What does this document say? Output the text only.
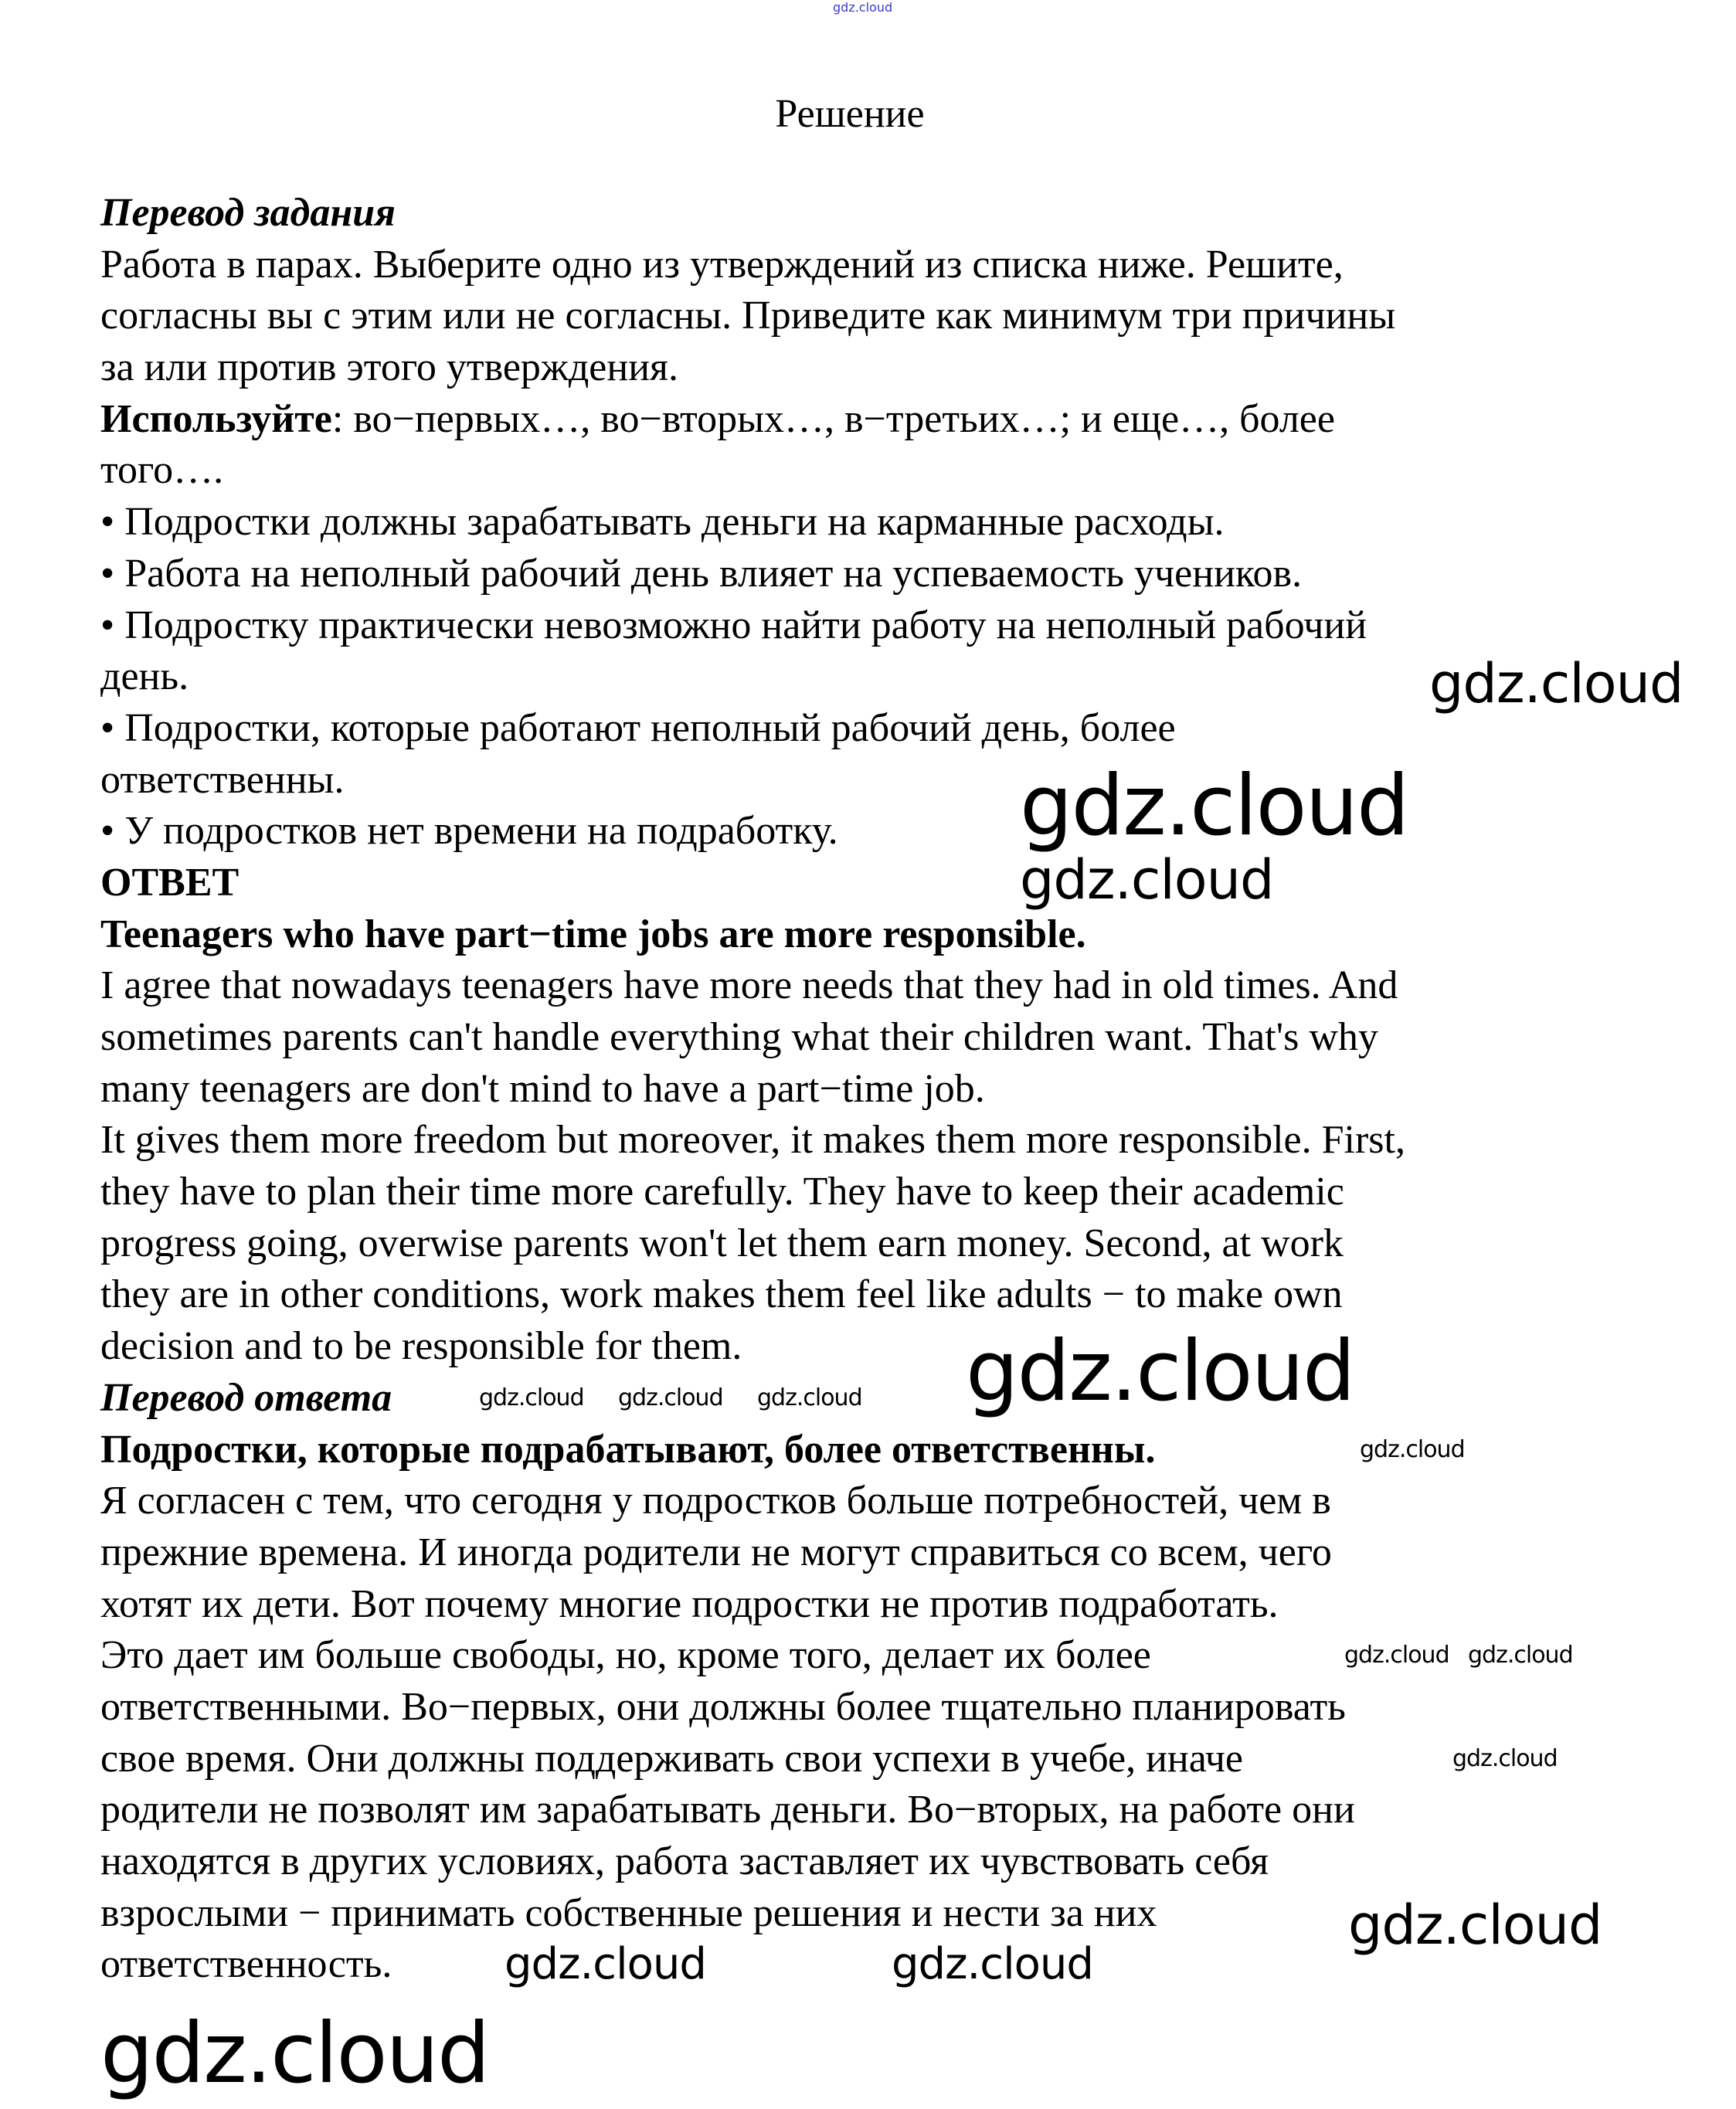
Решение
Перевод задания
Работа в парах. Выберите одно из утверждений из списка ниже. Решите,
согласны вы с этим или не согласны. Приведите как минимум три причины
за или против этого утверждения.
Используйте: во−первых…, во−вторых…, в−третьих…; и еще…, более
того….
• Подростки должны зарабатывать деньги на карманные расходы.
• Работа на неполный рабочий день влияет на успеваемость учеников.
• Подростку практически невозможно найти работу на неполный рабочий
день.
• Подростки, которые работают неполный рабочий день, более
ответственны.
• У подростков нет времени на подработку.
ОТВЕТ
Teenagers who have part−time jobs are more responsible.
I agree that nowadays teenagers have more needs that they had in old times. And
sometimes parents can't handle everything what their children want. That's why
many teenagers are don't mind to have a part−time job.
It gives them more freedom but moreover, it makes them more responsible. First,
they have to plan their time more carefully. They have to keep their academic
progress going, overwise parents won't let them earn money. Second, at work
they are in other conditions, work makes them feel like adults − to make own
decision and to be responsible for them.
Перевод ответа
Подростки, которые подрабатывают, более ответственны.
Я согласен с тем, что сегодня у подростков больше потребностей, чем в
прежние времена. И иногда родители не могут справиться со всем, чего
хотят их дети. Вот почему многие подростки не против подработать.
Это дает им больше свободы, но, кроме того, делает их более
ответственными. Во−первых, они должны более тщательно планировать
свое время. Они должны поддерживать свои успехи в учебе, иначе
родители не позволят им зарабатывать деньги. Во−вторых, на работе они
находятся в других условиях, работа заставляет их чувствовать себя
взрослыми − принимать собственные решения и нести за них
ответственность.
gdz.cloud
gdz.cloud
gdz.cloud
gdz.cloud
gdz.cloud
gdz.cloud gdz.cloud	gdz.cloud
gdz.cloud
gdz.cloud gdz.cloud
gdz.cloud
gdz.cloud
gdz.cloud
gdz.cloud	gdz.cloud
